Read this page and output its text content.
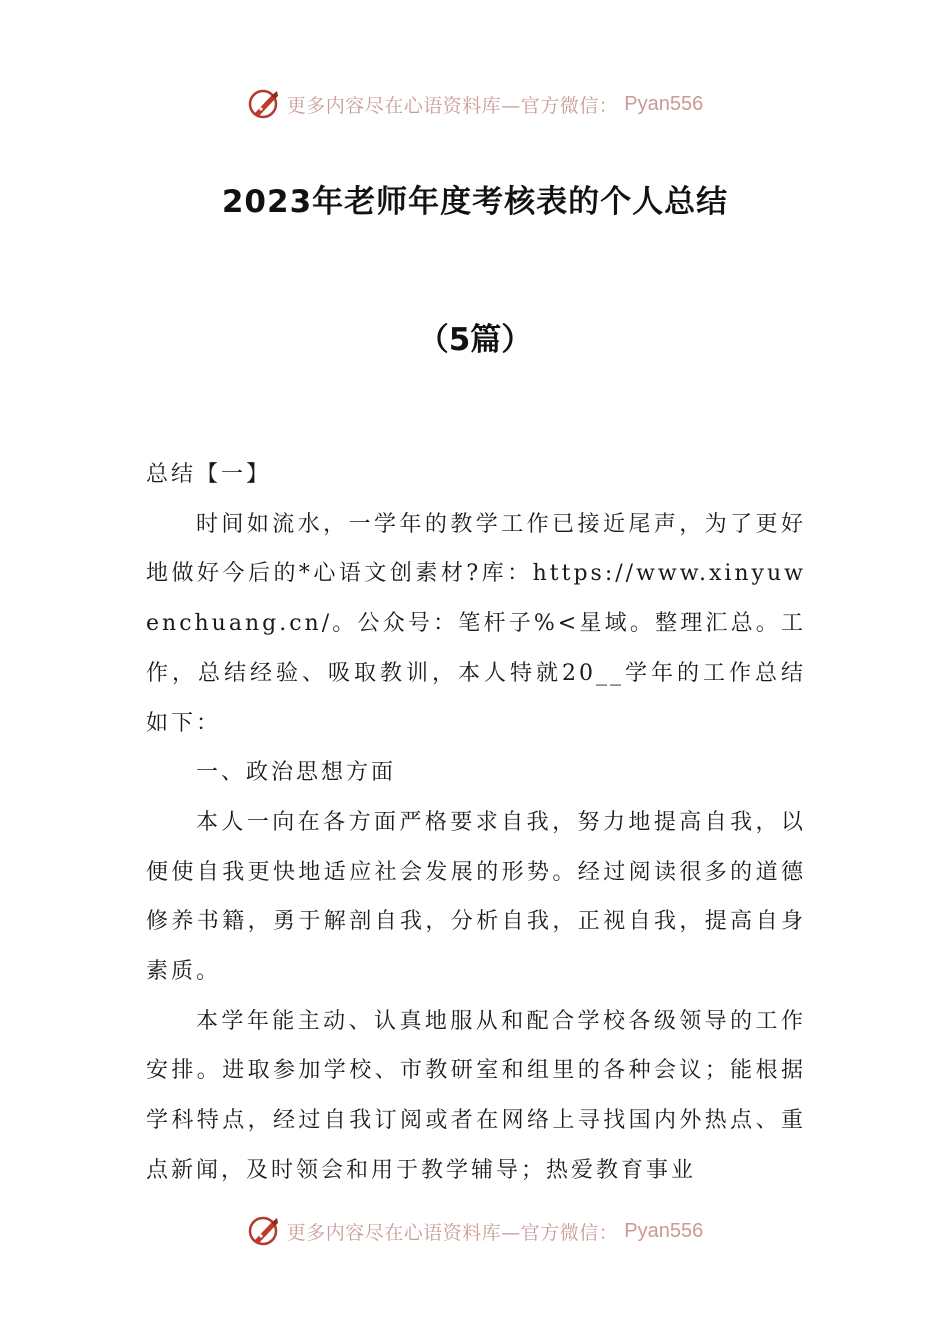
更多内容尽在心语资料库—官方微信： Pyan556
2023年老师年度考核表的个人总结
（5篇）

总结【一】

时间如流水，一学年的教学工作已接近尾声，为了更好地做好今后的*心语文创素材?库：https://www.xinyuwenchuang.cn/。公众号：笔杆子%<星域。整理汇总。工作，总结经验、吸取教训，本人特就20__学年的工作总结如下：

一、政治思想方面

本人一向在各方面严格要求自我，努力地提高自我，以便使自我更快地适应社会发展的形势。经过阅读很多的道德修养书籍，勇于解剖自我，分析自我，正视自我，提高自身素质。

本学年能主动、认真地服从和配合学校各级领导的工作安排。进取参加学校、市教研室和组里的各种会议；能根据学科特点，经过自我订阅或者在网络上寻找国内外热点、重点新闻，及时领会和用于教学辅导；热爱教育事业

更多内容尽在心语资料库—官方微信： Pyan556
